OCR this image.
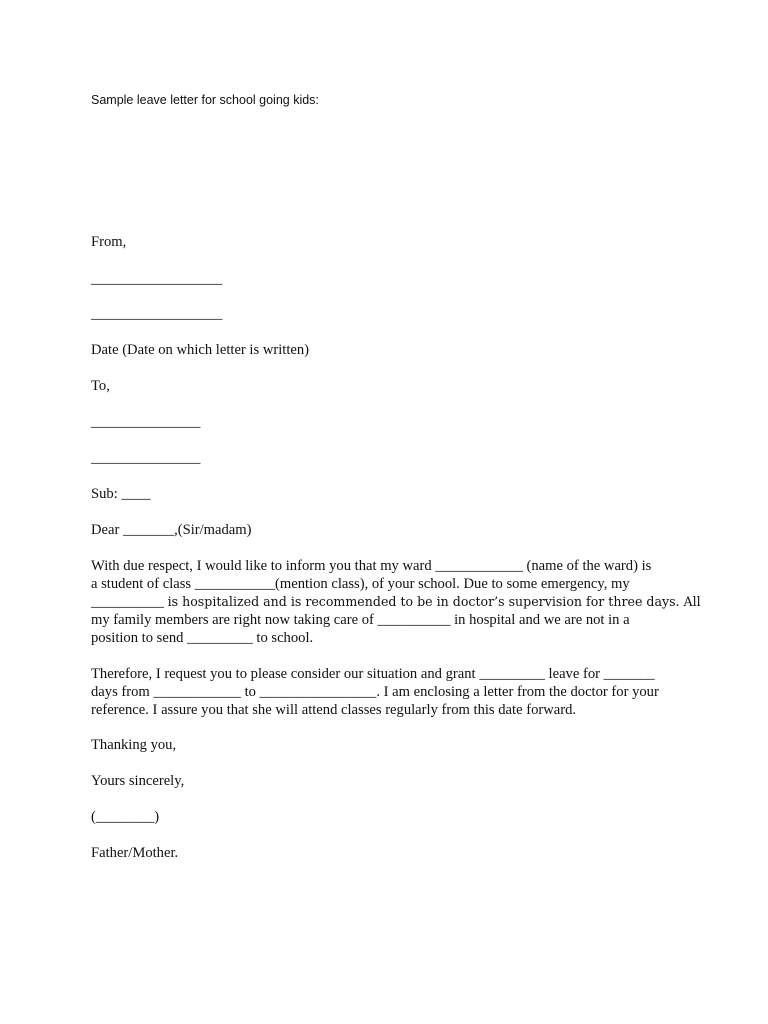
Sample leave letter for school going kids:
From,
__________________
__________________
Date (Date on which letter is written)
To,
_______________
_______________
Sub: ____
Dear _______,(Sir/madam)
With due respect, I would like to inform you that my ward ____________ (name of the ward) is
a student of class ___________(mention class), of your school. Due to some emergency, my
__________ is hospitalized and is recommended to be in doctor’s supervision for three days. All
my family members are right now taking care of __________ in hospital and we are not in a
position to send _________ to school.
Therefore, I request you to please consider our situation and grant _________ leave for _______
days from ____________ to ________________. I am enclosing a letter from the doctor for your
reference. I assure you that she will attend classes regularly from this date forward.
Thanking you,
Yours sincerely,
(________)
Father/Mother.
